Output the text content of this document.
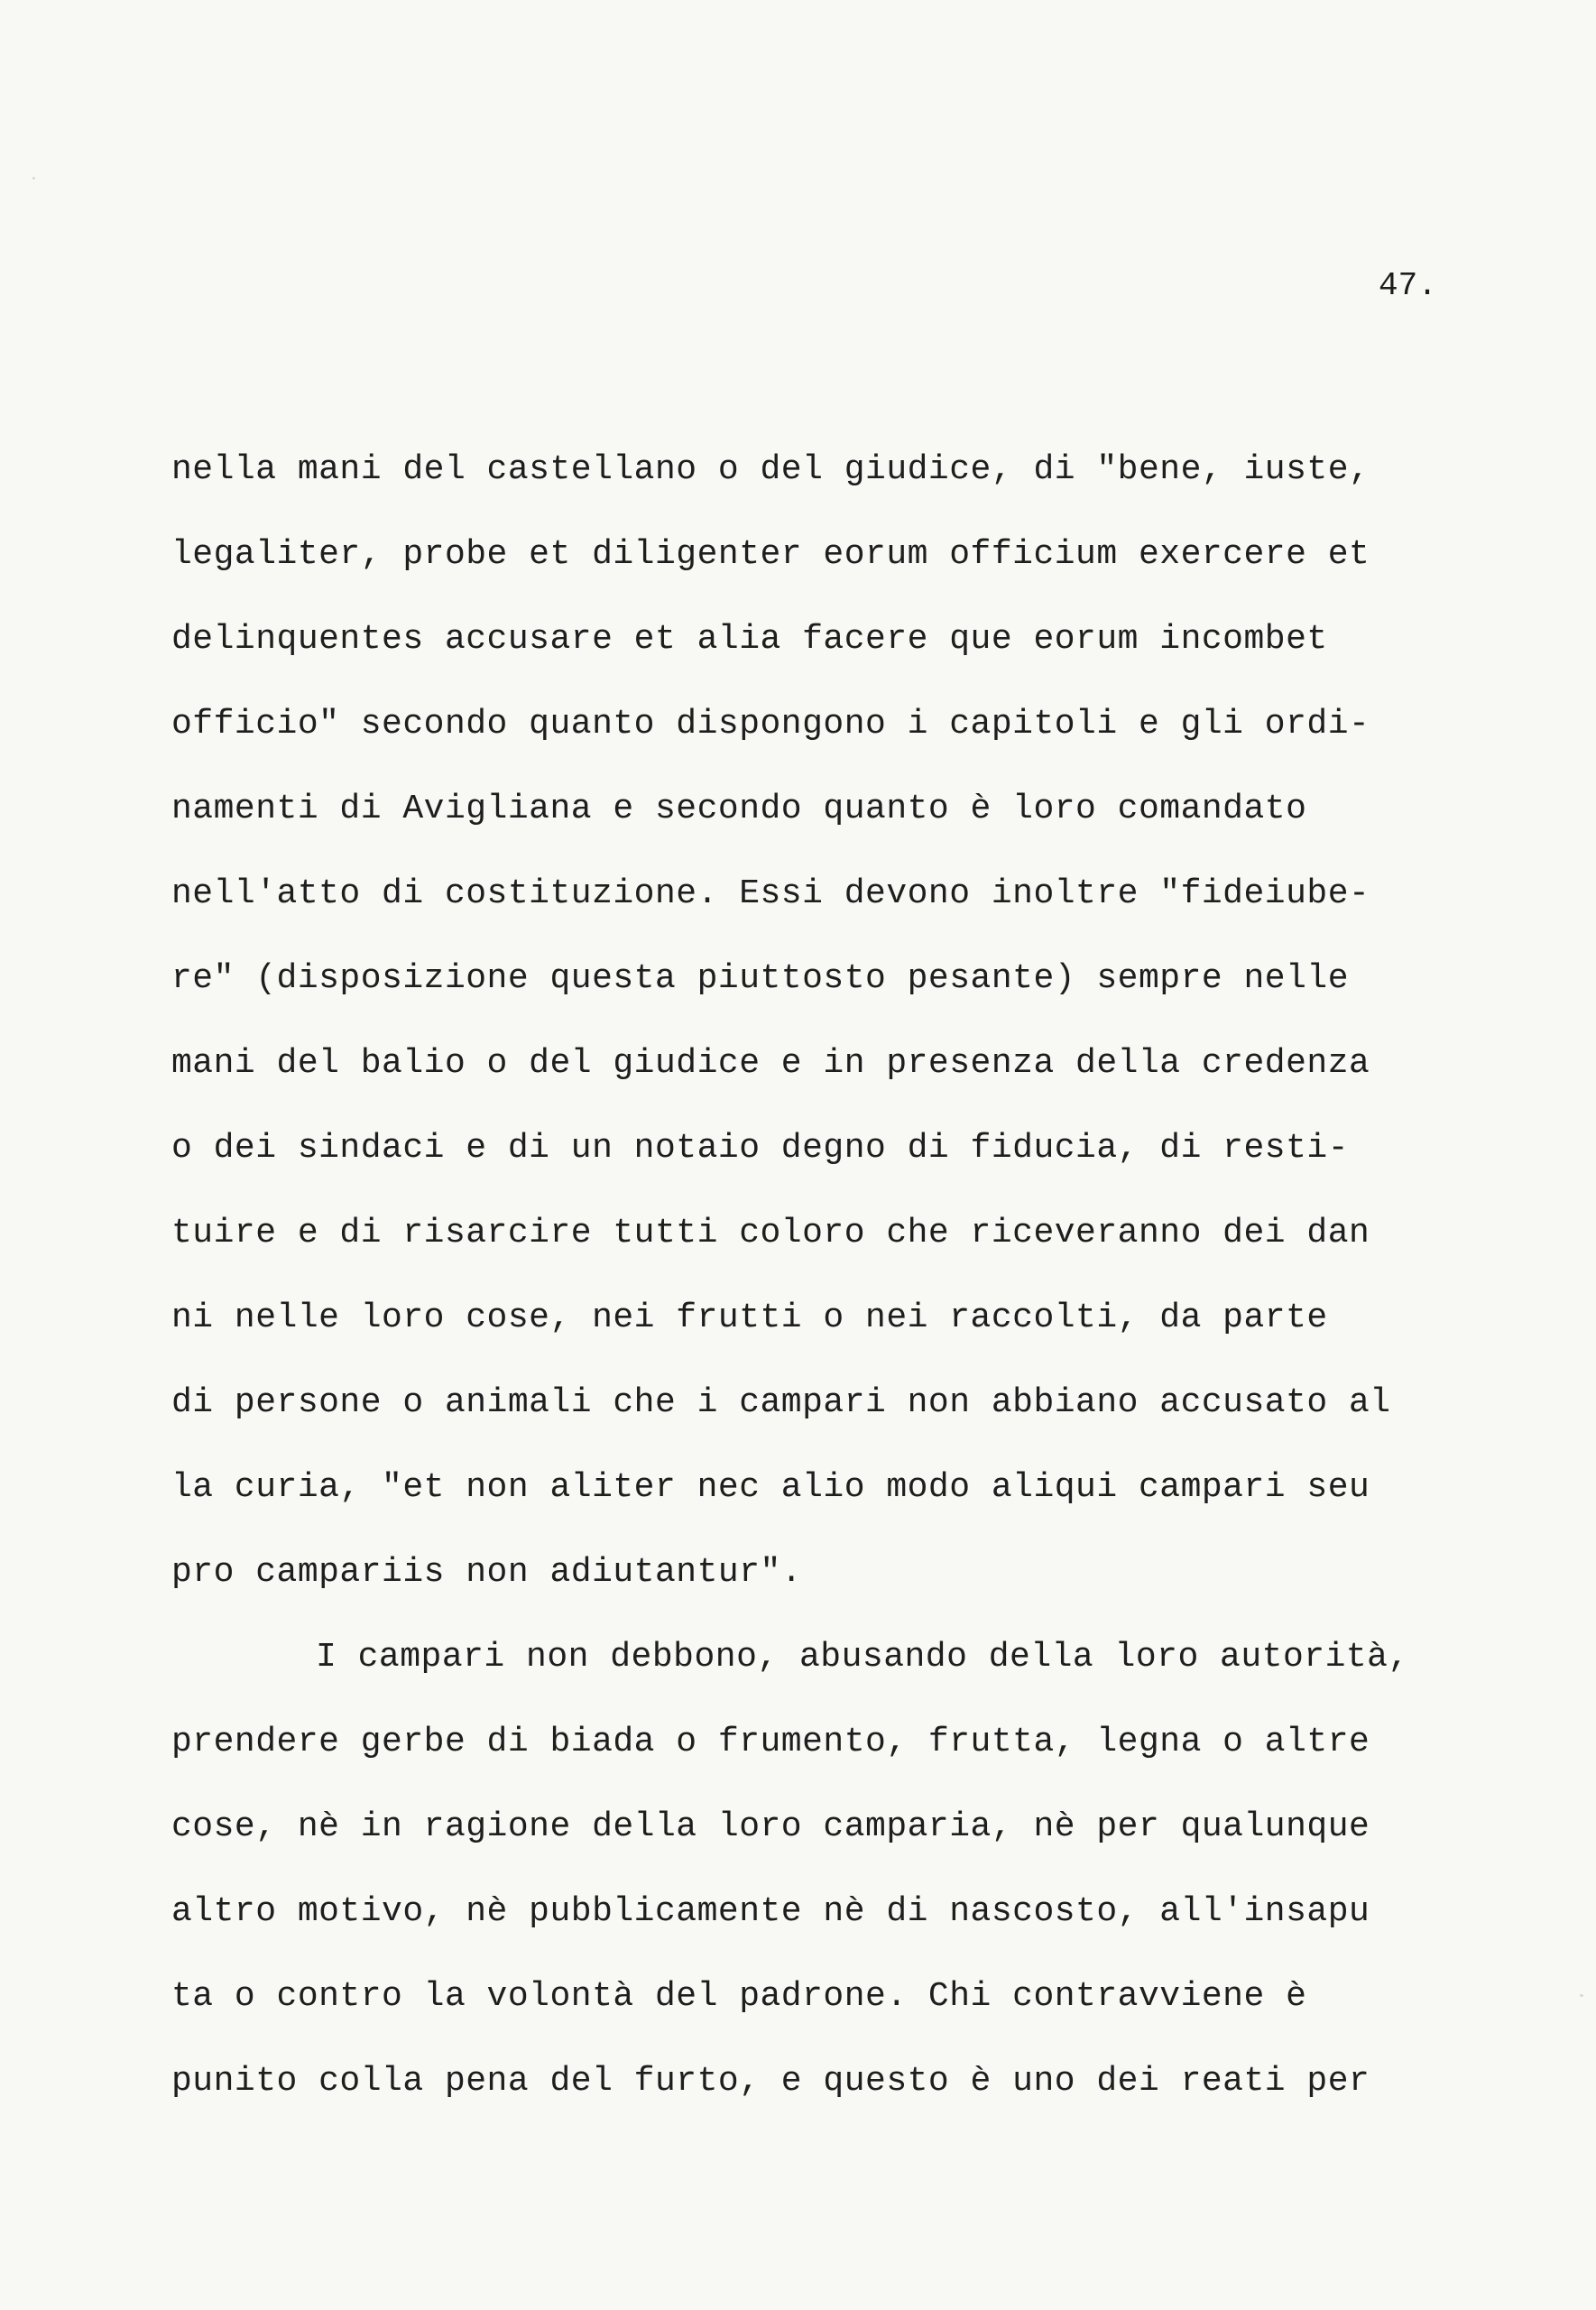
47.
nella mani del castellano o del giudice, di "bene, iuste,
legaliter, probe et diligenter eorum officium exercere et
delinquentes accusare et alia facere que eorum incombet
officio" secondo quanto dispongono i capitoli e gli ordi-
namenti di Avigliana e secondo quanto è loro comandato
nell'atto di costituzione. Essi devono inoltre "fideiube-
re" (disposizione questa piuttosto pesante) sempre nelle
mani del balio o del giudice e in presenza della credenza
o dei sindaci e di un notaio degno di fiducia, di resti-
tuire e di risarcire tutti coloro che riceveranno dei dan
ni nelle loro cose, nei frutti o nei raccolti, da parte
di persone o animali che i campari non abbiano accusato al
la curia, "et non aliter nec alio modo aliqui campari seu
pro campariis non adiutantur".
I campari non debbono, abusando della loro autorità,
prendere gerbe di biada o frumento, frutta, legna o altre
cose, nè in ragione della loro camparia, nè per qualunque
altro motivo, nè pubblicamente nè di nascosto, all'insapu
ta o contro la volontà del padrone. Chi contravviene è
punito colla pena del furto, e questo è uno dei reati per
